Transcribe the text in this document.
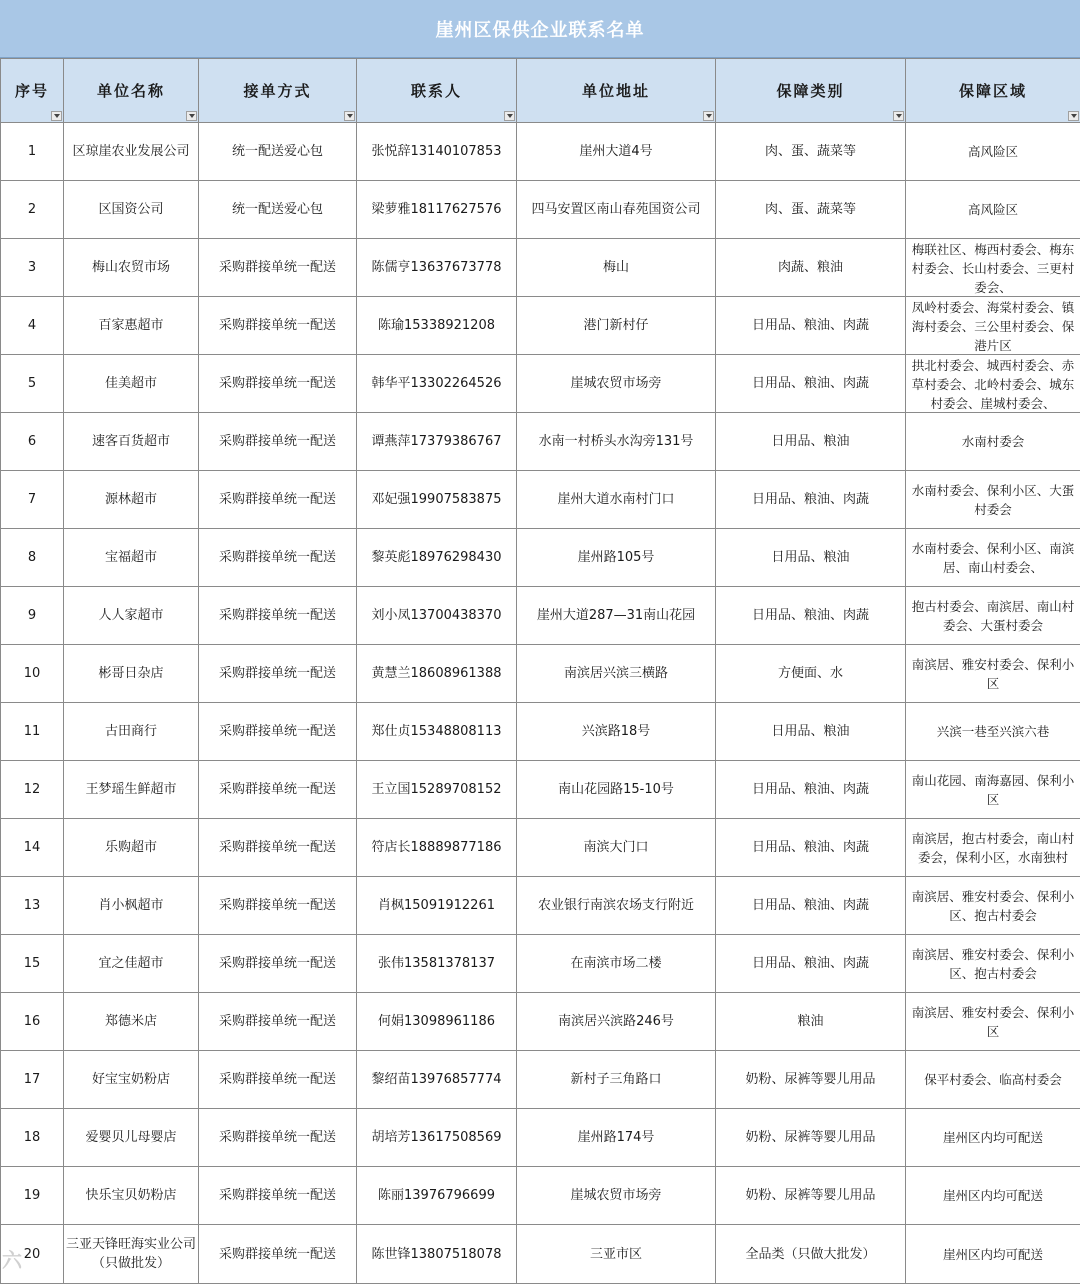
崖州区保供企业联系名单
序号	单位名称	接单方式	联系人	单位地址	保障类别	保障区域

1	区琼崖农业发展公司	统一配送爱心包	张悦辞13140107853	崖州大道4号	肉、蛋、蔬菜等	高风险区

2	区国资公司	统一配送爱心包	梁萝雅18117627576	四马安置区南山春苑国资公司	肉、蛋、蔬菜等	高风险区

3	梅山农贸市场	采购群接单统一配送	陈儒亨13637673778	梅山	肉蔬、粮油	梅联社区、梅西村委会、梅东村委会、长山村委会、三更村委会、

4	百家惠超市	采购群接单统一配送	陈瑜15338921208	港门新村仔	日用品、粮油、肉蔬	凤岭村委会、海棠村委会、镇海村委会、三公里村委会、保港片区

5	佳美超市	采购群接单统一配送	韩华平13302264526	崖城农贸市场旁	日用品、粮油、肉蔬	拱北村委会、城西村委会、赤草村委会、北岭村委会、城东村委会、崖城村委会、

6	速客百货超市	采购群接单统一配送	谭燕萍17379386767	水南一村桥头水沟旁131号	日用品、粮油	水南村委会

7	源林超市	采购群接单统一配送	邓妃强19907583875	崖州大道水南村门口	日用品、粮油、肉蔬	水南村委会、保利小区、大蛋村委会

8	宝福超市	采购群接单统一配送	黎英彪18976298430	崖州路105号	日用品、粮油	水南村委会、保利小区、南滨居、南山村委会、

9	人人家超市	采购群接单统一配送	刘小凤13700438370	崖州大道287—31南山花园	日用品、粮油、肉蔬	抱古村委会、南滨居、南山村委会、大蛋村委会

10	彬哥日杂店	采购群接单统一配送	黄慧兰18608961388	南滨居兴滨三横路	方便面、水	南滨居、雅安村委会、保利小区

11	古田商行	采购群接单统一配送	郑仕贞15348808113	兴滨路18号	日用品、粮油	兴滨一巷至兴滨六巷

12	王梦瑶生鲜超市	采购群接单统一配送	王立国15289708152	南山花园路15-10号	日用品、粮油、肉蔬	南山花园、南海嘉园、保利小区

14	乐购超市	采购群接单统一配送	符店长18889877186	南滨大门口	日用品、粮油、肉蔬	南滨居，抱古村委会，南山村委会，保利小区，水南独村

13	肖小枫超市	采购群接单统一配送	肖枫15091912261	农业银行南滨农场支行附近	日用品、粮油、肉蔬	南滨居、雅安村委会、保利小区、抱古村委会

15	宜之佳超市	采购群接单统一配送	张伟13581378137	在南滨市场二楼	日用品、粮油、肉蔬	南滨居、雅安村委会、保利小区、抱古村委会

16	郑德米店	采购群接单统一配送	何娟13098961186	南滨居兴滨路246号	粮油	南滨居、雅安村委会、保利小区

17	好宝宝奶粉店	采购群接单统一配送	黎绍苗13976857774	新村子三角路口	奶粉、尿裤等婴儿用品	保平村委会、临高村委会

18	爱婴贝儿母婴店	采购群接单统一配送	胡培芳13617508569	崖州路174号	奶粉、尿裤等婴儿用品	崖州区内均可配送

19	快乐宝贝奶粉店	采购群接单统一配送	陈丽13976796699	崖城农贸市场旁	奶粉、尿裤等婴儿用品	崖州区内均可配送

20	三亚天锋旺海实业公司（只做批发）	采购群接单统一配送	陈世锋13807518078	三亚市区	全品类（只做大批发）	崖州区内均可配送
六
